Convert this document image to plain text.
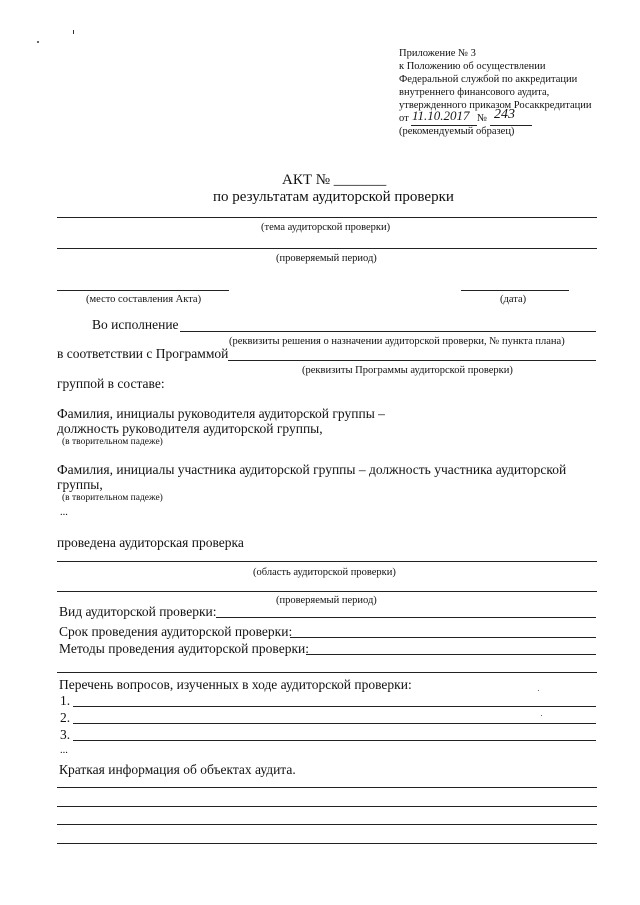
Приложение № 3
к Положению об осуществлении
Федеральной службой по аккредитации
внутреннего финансового аудита,
утвержденного приказом Росаккредитации
от 11.10.2017 № 243
(рекомендуемый образец)
АКТ № _______
по результатам аудиторской проверки
(тема аудиторской проверки)
(проверяемый период)
(место составления Акта)	(дата)
Во исполнение
(реквизиты решения о назначении аудиторской проверки, № пункта плана)
в соответствии с Программой
(реквизиты Программы аудиторской проверки)
группой в составе:
Фамилия, инициалы руководителя аудиторской группы –
должность руководителя аудиторской группы,
(в творительном падеже)
Фамилия, инициалы участника аудиторской группы – должность участника аудиторской
группы,
(в творительном падеже)
...
проведена аудиторская проверка
(область аудиторской проверки)
(проверяемый период)
Вид аудиторской проверки:
Срок проведения аудиторской проверки:
Методы проведения аудиторской проверки:
Перечень вопросов, изученных в ходе аудиторской проверки:
1.
2.
3.
...
Краткая информация об объектах аудита.
